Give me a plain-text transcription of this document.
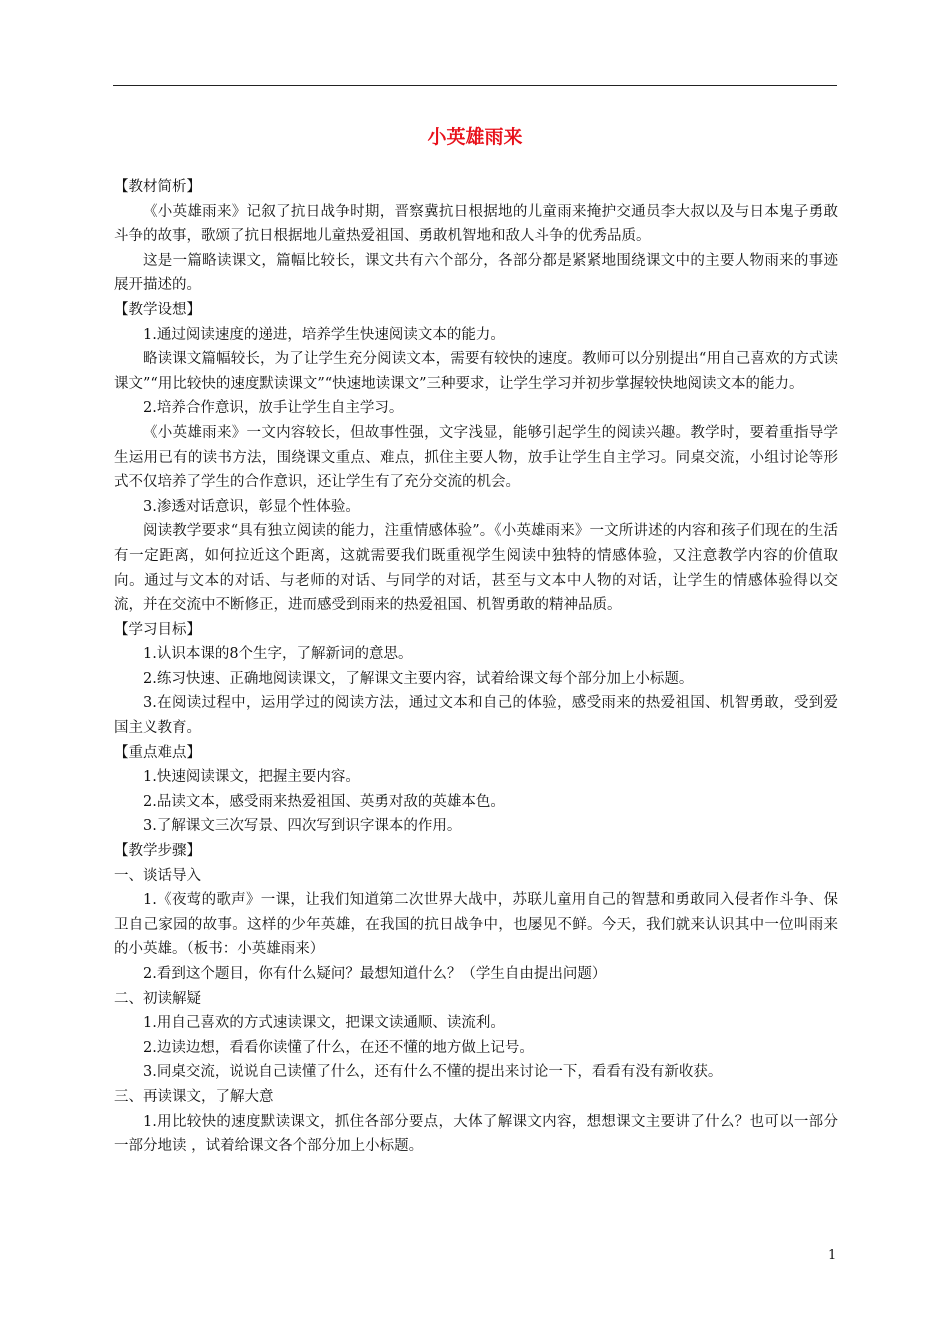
小英雄雨来

【教材简析】

《小英雄雨来》记叙了抗日战争时期，晋察冀抗日根据地的儿童雨来掩护交通员李大叔以及与日本鬼子勇敢斗争的故事，歌颂了抗日根据地儿童热爱祖国、勇敢机智地和敌人斗争的优秀品质。

这是一篇略读课文，篇幅比较长，课文共有六个部分，各部分都是紧紧地围绕课文中的主要人物雨来的事迹展开描述的。

【教学设想】

1.通过阅读速度的递进，培养学生快速阅读文本的能力。

略读课文篇幅较长，为了让学生充分阅读文本，需要有较快的速度。教师可以分别提出“用自己喜欢的方式读课文”“用比较快的速度默读课文”“快速地读课文”三种要求，让学生学习并初步掌握较快地阅读文本的能力。

2.培养合作意识，放手让学生自主学习。

《小英雄雨来》一文内容较长，但故事性强，文字浅显，能够引起学生的阅读兴趣。教学时，要着重指导学生运用已有的读书方法，围绕课文重点、难点，抓住主要人物，放手让学生自主学习。同桌交流，小组讨论等形式不仅培养了学生的合作意识，还让学生有了充分交流的机会。

3.渗透对话意识，彰显个性体验。

阅读教学要求“具有独立阅读的能力，注重情感体验”。《小英雄雨来》一文所讲述的内容和孩子们现在的生活有一定距离，如何拉近这个距离，这就需要我们既重视学生阅读中独特的情感体验，又注意教学内容的价值取向。通过与文本的对话、与老师的对话、与同学的对话，甚至与文本中人物的对话，让学生的情感体验得以交流，并在交流中不断修正，进而感受到雨来的热爱祖国、机智勇敢的精神品质。

【学习目标】

1.认识本课的8个生字，了解新词的意思。

2.练习快速、正确地阅读课文，了解课文主要内容，试着给课文每个部分加上小标题。

3.在阅读过程中，运用学过的阅读方法，通过文本和自己的体验，感受雨来的热爱祖国、机智勇敢，受到爱国主义教育。

【重点难点】

1.快速阅读课文，把握主要内容。

2.品读文本，感受雨来热爱祖国、英勇对敌的英雄本色。

3.了解课文三次写景、四次写到识字课本的作用。

【教学步骤】

一、谈话导入

1.《夜莺的歌声》一课，让我们知道第二次世界大战中，苏联儿童用自己的智慧和勇敢同入侵者作斗争、保卫自己家园的故事。这样的少年英雄，在我国的抗日战争中，也屡见不鲜。今天，我们就来认识其中一位叫雨来的小英雄。（板书：小英雄雨来）

2.看到这个题目，你有什么疑问？最想知道什么？（学生自由提出问题）

二、初读解疑

1.用自己喜欢的方式速读课文，把课文读通顺、读流利。

2.边读边想，看看你读懂了什么，在还不懂的地方做上记号。

3.同桌交流，说说自己读懂了什么，还有什么不懂的提出来讨论一下，看看有没有新收获。

三、再读课文，了解大意

1.用比较快的速度默读课文，抓住各部分要点，大体了解课文内容，想想课文主要讲了什么？也可以一部分一部分地读 ，试着给课文各个部分加上小标题。

1
